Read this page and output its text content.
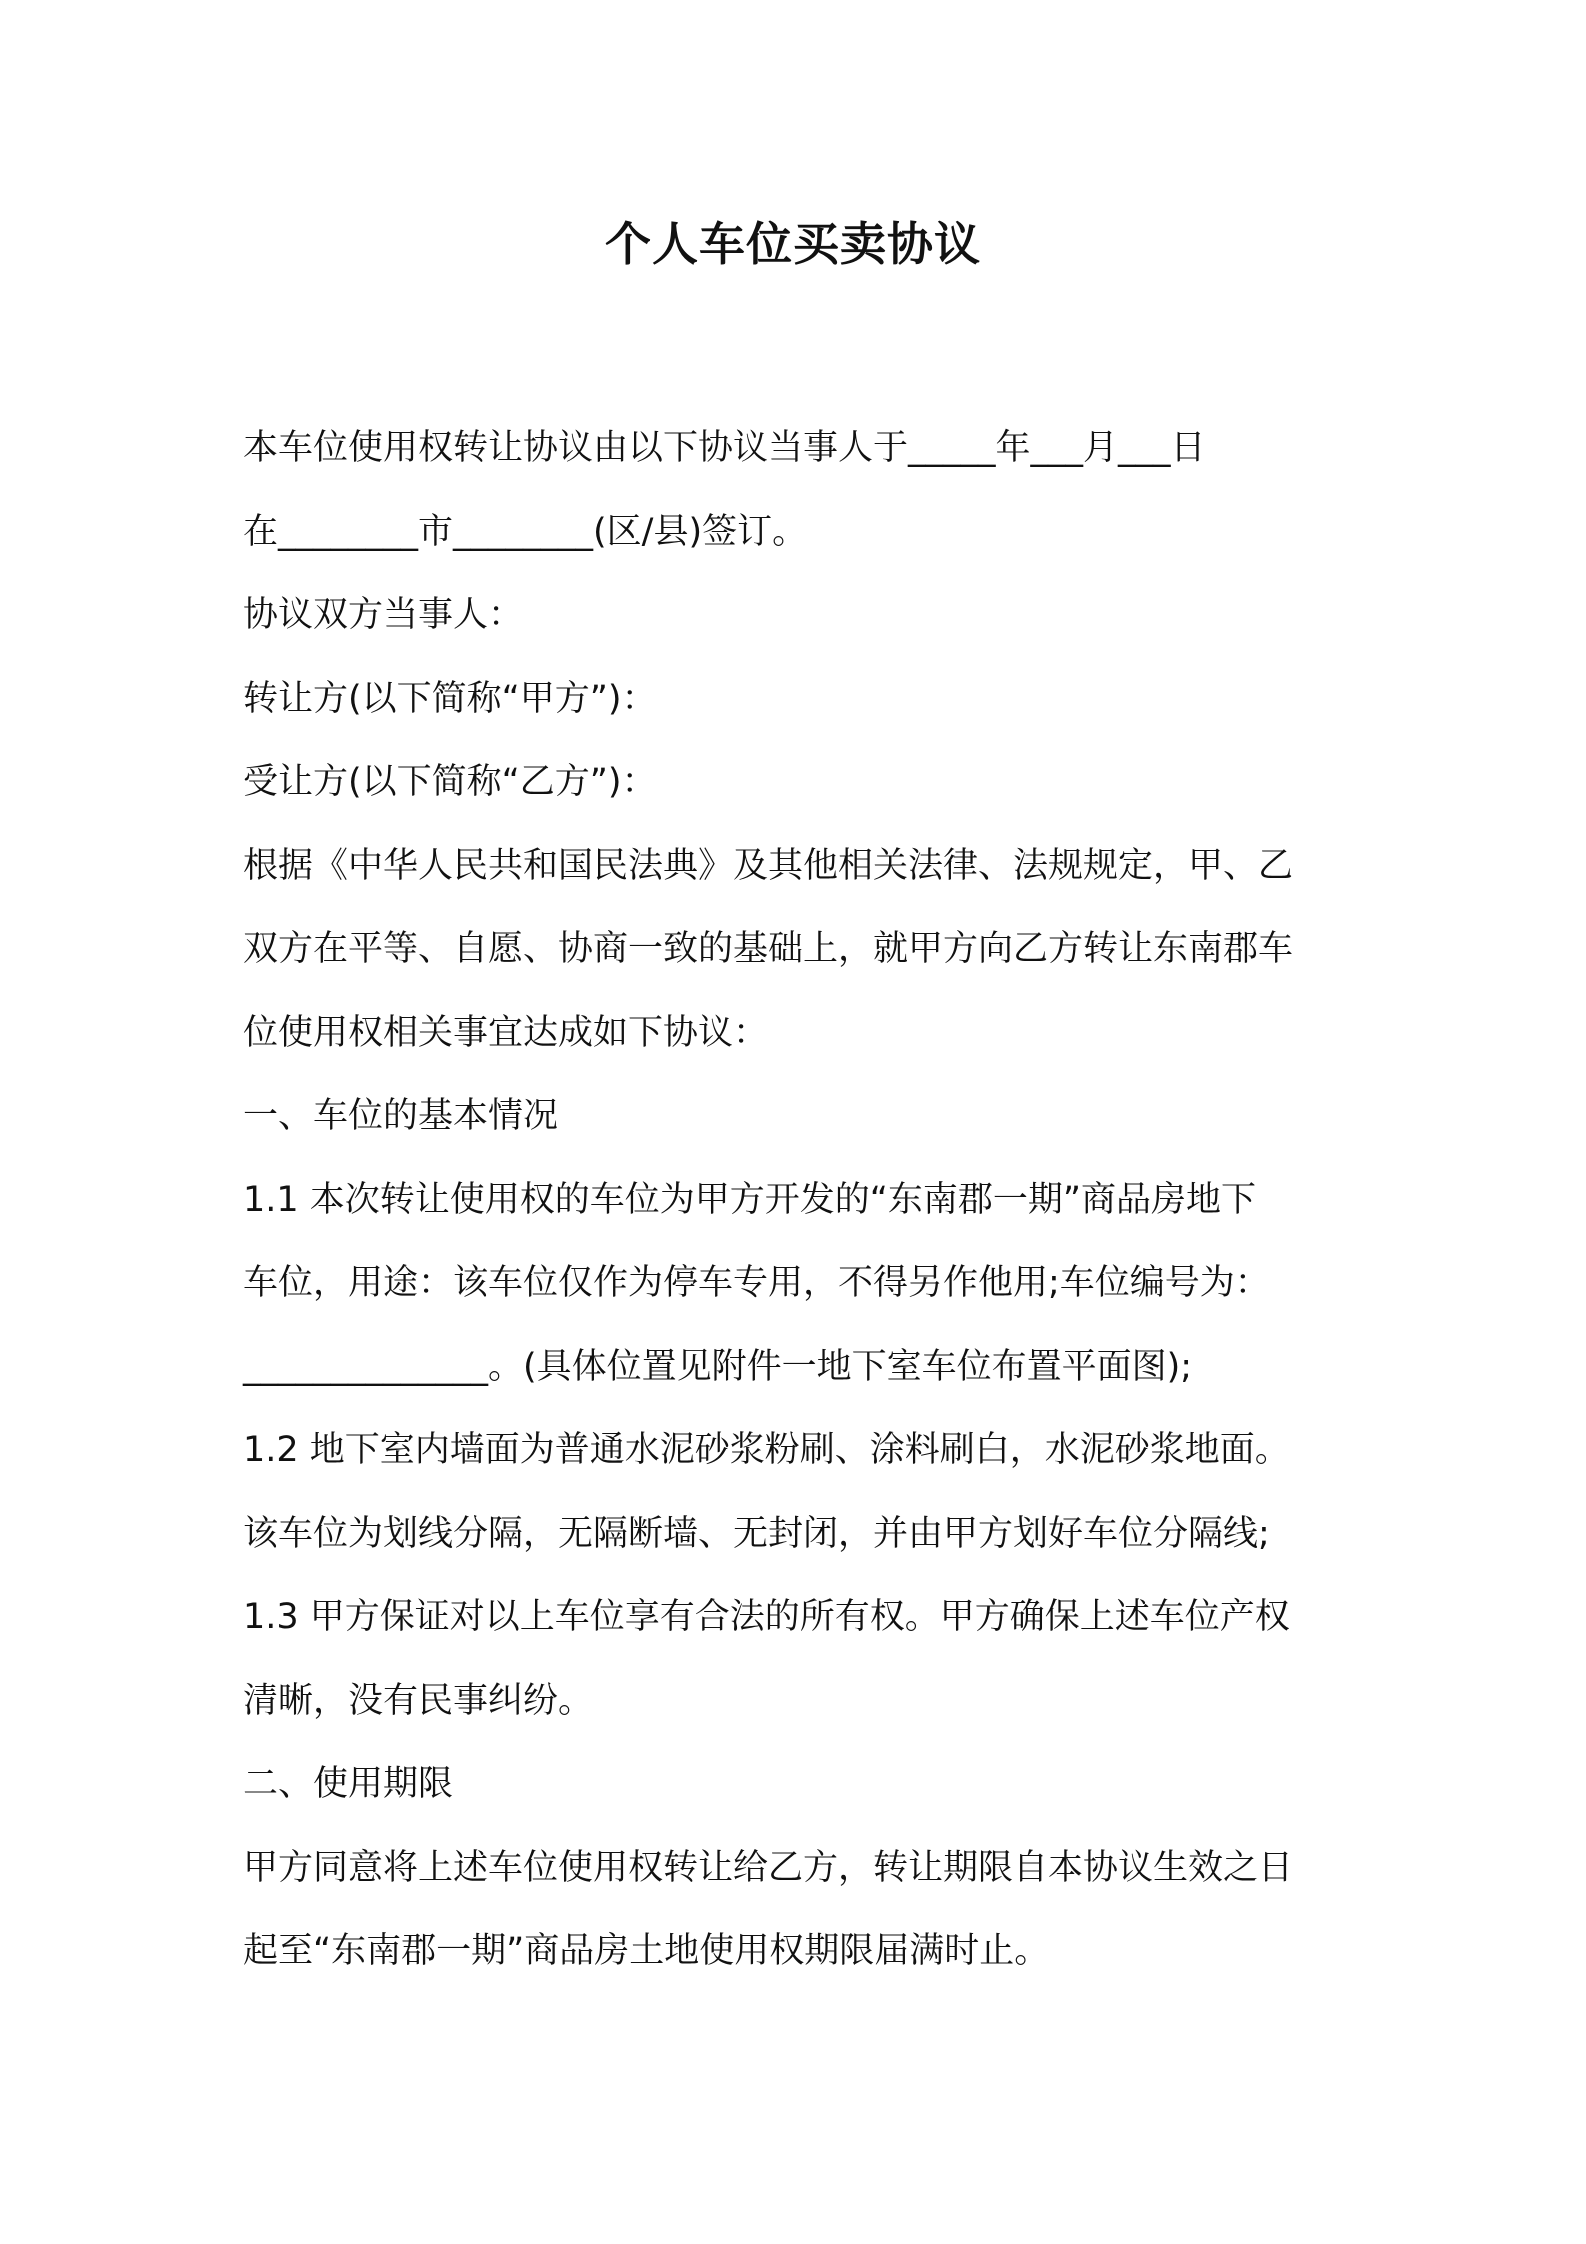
个人车位买卖协议
本车位使用权转让协议由以下协议当事人于_____年___月___日
在________市________(区/县)签订。
协议双方当事人：
转让方(以下简称“甲方”)：
受让方(以下简称“乙方”)：
根据《中华人民共和国民法典》及其他相关法律、法规规定，甲、乙
双方在平等、自愿、协商一致的基础上，就甲方向乙方转让东南郡车
位使用权相关事宜达成如下协议：
一、车位的基本情况
1.1 本次转让使用权的车位为甲方开发的“东南郡一期”商品房地下
车位，用途：该车位仅作为停车专用，不得另作他用;车位编号为：
______________。(具体位置见附件一地下室车位布置平面图);
1.2 地下室内墙面为普通水泥砂浆粉刷、涂料刷白，水泥砂浆地面。
该车位为划线分隔，无隔断墙、无封闭，并由甲方划好车位分隔线;
1.3 甲方保证对以上车位享有合法的所有权。甲方确保上述车位产权
清晰，没有民事纠纷。
二、使用期限
甲方同意将上述车位使用权转让给乙方，转让期限自本协议生效之日
起至“东南郡一期”商品房土地使用权期限届满时止。
